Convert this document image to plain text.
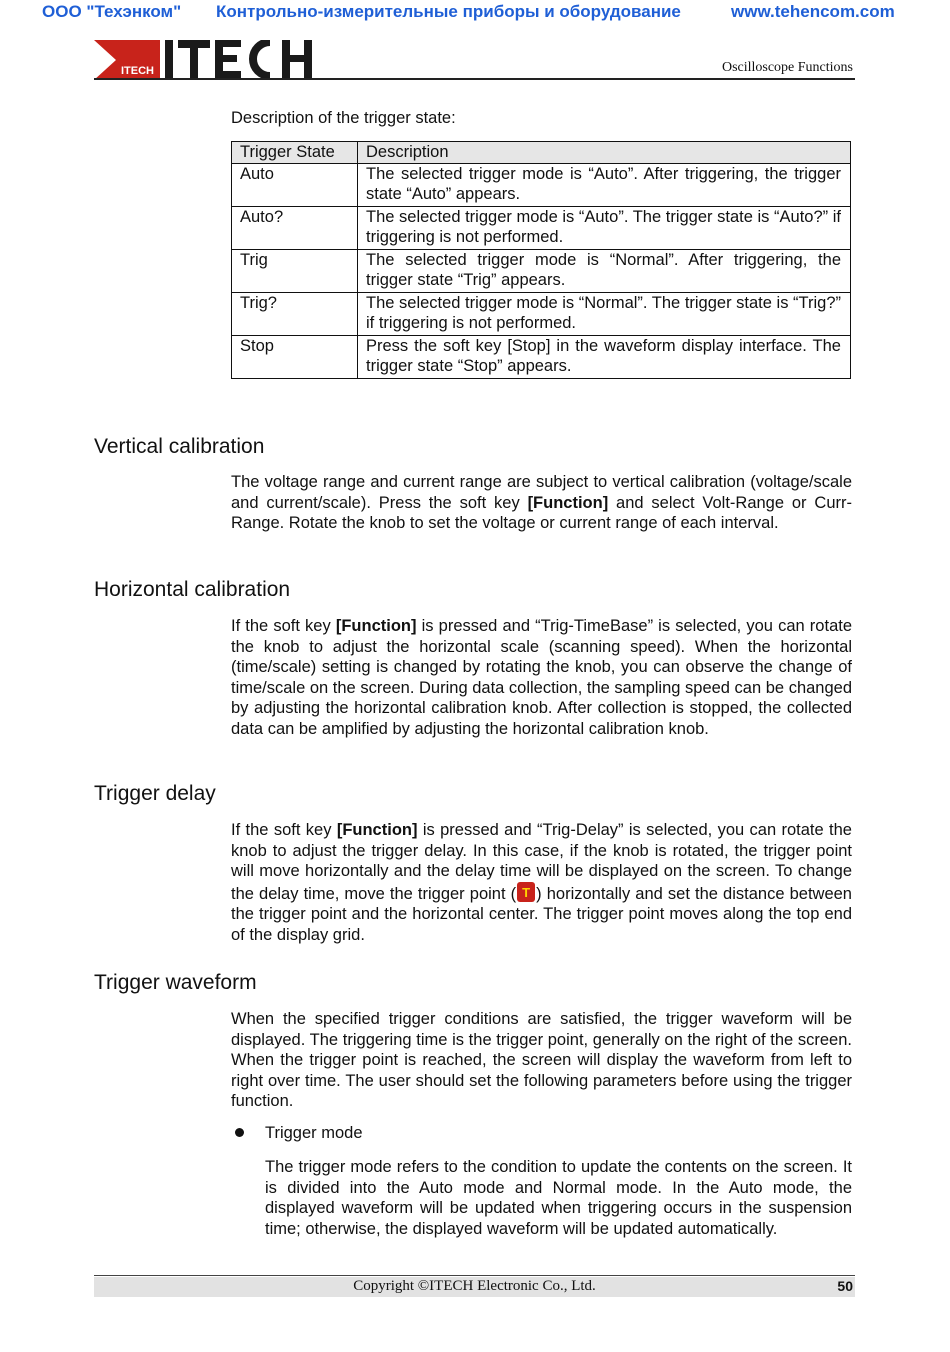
ООО "Техэнком" Контрольно-измерительные приборы и оборудование	www.tehencom.com
ITECH	Oscilloscope Functions
Description of the trigger state:
Trigger State	Description
Auto	The selected trigger mode is “Auto”. After triggering, the trigger state “Auto” appears.
Auto?	The selected trigger mode is “Auto”. The trigger state is “Auto?” if triggering is not performed.
Trig	The selected trigger mode is “Normal”. After triggering, the trigger state “Trig” appears.
Trig?	The selected trigger mode is “Normal”. The trigger state is “Trig?” if triggering is not performed.
Stop	Press the soft key [Stop] in the waveform display interface. The trigger state “Stop” appears.
Vertical calibration
The voltage range and current range are subject to vertical calibration (voltage/scale and current/scale). Press the soft key [Function] and select Volt-Range or Curr-Range. Rotate the knob to set the voltage or current range of each interval.
Horizontal calibration
If the soft key [Function] is pressed and “Trig-TimeBase” is selected, you can rotate the knob to adjust the horizontal scale (scanning speed). When the horizontal (time/scale) setting is changed by rotating the knob, you can observe the change of time/scale on the screen. During data collection, the sampling speed can be changed by adjusting the horizontal calibration knob. After collection is stopped, the collected data can be amplified by adjusting the horizontal calibration knob.
Trigger delay
If the soft key [Function] is pressed and “Trig-Delay” is selected, you can rotate the knob to adjust the trigger delay. In this case, if the knob is rotated, the trigger point will move horizontally and the delay time will be displayed on the screen. To change the delay time, move the trigger point ( T ) horizontally and set the distance between the trigger point and the horizontal center. The trigger point moves along the top end of the display grid.
Trigger waveform
When the specified trigger conditions are satisfied, the trigger waveform will be displayed. The triggering time is the trigger point, generally on the right of the screen. When the trigger point is reached, the screen will display the waveform from left to right over time. The user should set the following parameters before using the trigger function.
Trigger mode
The trigger mode refers to the condition to update the contents on the screen. It is divided into the Auto mode and Normal mode. In the Auto mode, the displayed waveform will be updated when triggering occurs in the suspension time; otherwise, the displayed waveform will be updated automatically.
Copyright ©ITECH Electronic Co., Ltd.	50
